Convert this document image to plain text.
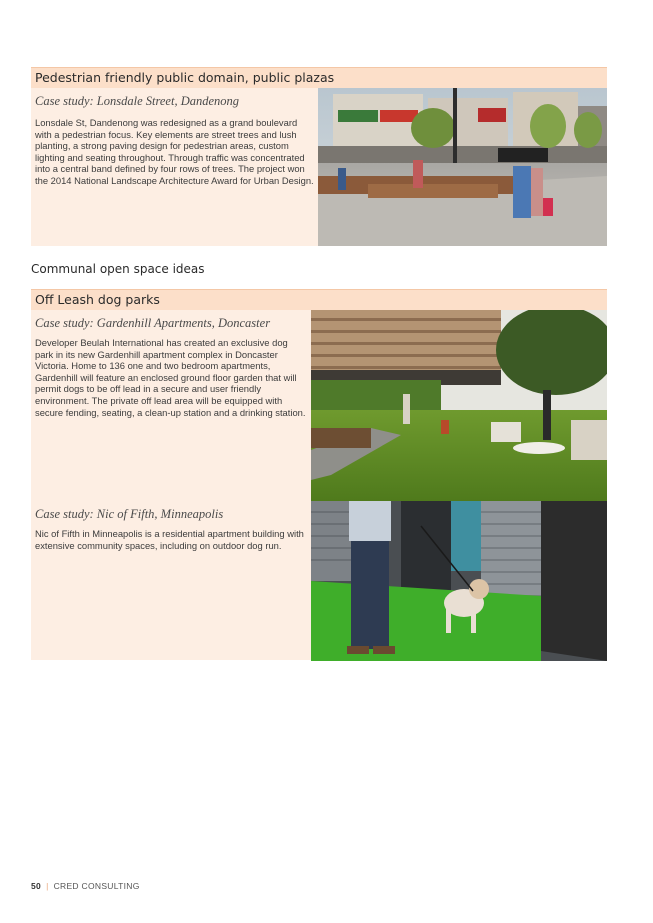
Pedestrian friendly public domain, public plazas
Case study: Lonsdale Street, Dandenong
Lonsdale St, Dandenong was redesigned as a grand boulevard with a pedestrian focus. Key elements are street trees and lush planting, a strong paving design for pedestrian areas, custom lighting and seating throughout. Through traffic was concentrated into a central band defined by four rows of trees. The project won the 2014 National Landscape Architecture Award for Urban Design.
Communal open space ideas
Off Leash dog parks
Case study: Gardenhill Apartments, Doncaster
Developer Beulah International has created an exclusive dog park in its new Gardenhill apartment complex in Doncaster Victoria. Home to 136 one and two bedroom apartments, Gardenhill will feature an enclosed ground floor garden that will permit dogs to be off lead in a secure and user friendly environment. The private off lead area will be equipped with secure fending, seating, a clean-up station and a drinking station.
Case study: Nic of Fifth, Minneapolis
Nic of Fifth in Minneapolis is a residential apartment building with extensive community spaces, including on outdoor dog run.
50 | CRED CONSULTING
